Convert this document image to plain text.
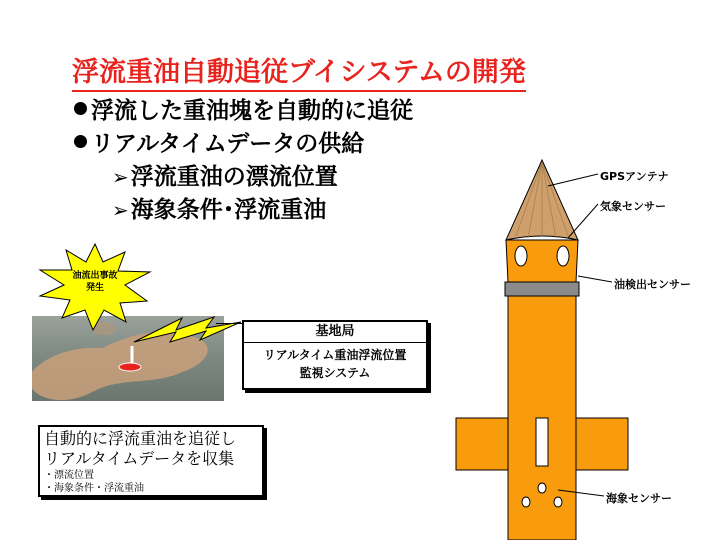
浮流重油自動追従ブイシステムの開発
浮流した重油塊を自動的に追従
リアルタイムデータの供給
➢浮流重油の漂流位置
➢海象条件･浮流重油
油流出事故
発生
基地局
リアルタイム重油浮流位置
監視システム
自動的に浮流重油を追従し
リアルタイムデータを収集
・漂流位置
・海象条件・浮流重油
GPSアンテナ
気象センサー
油検出センサー
海象センサー
